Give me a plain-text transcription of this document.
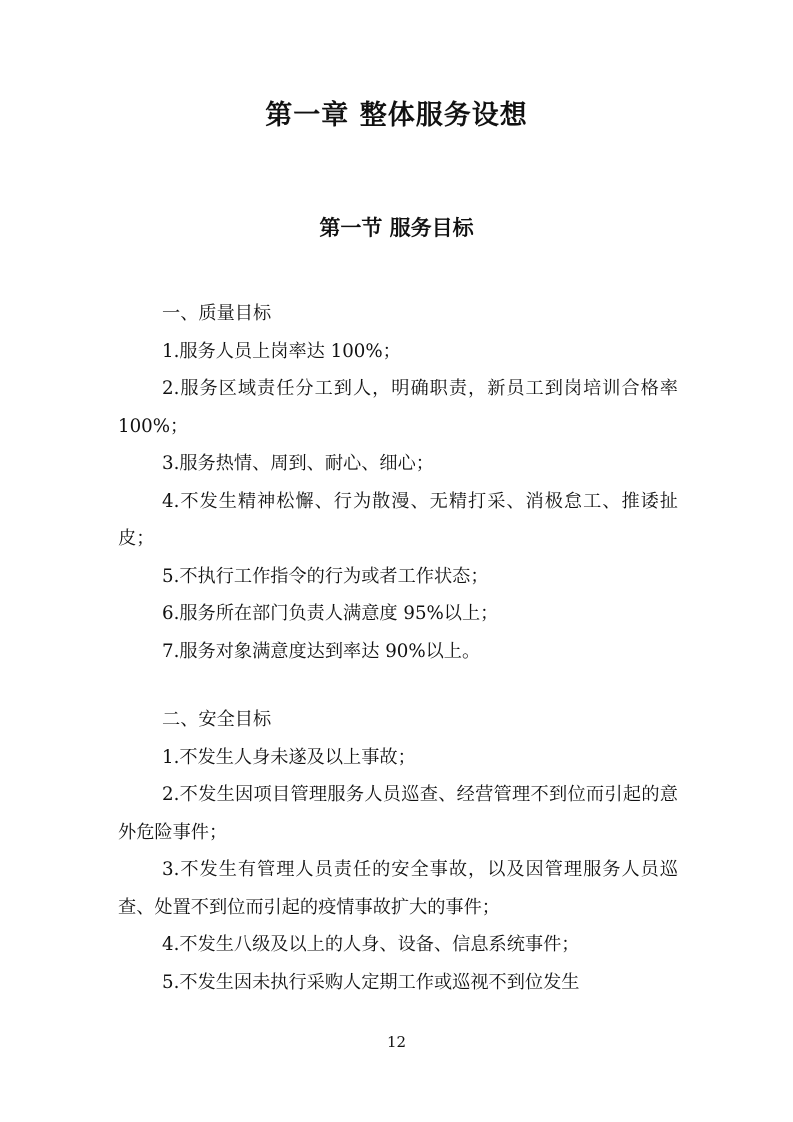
第一章 整体服务设想
第一节 服务目标

一、质量目标

1.服务人员上岗率达 100%；

2.服务区域责任分工到人，明确职责，新员工到岗培训合格率 100%；

3.服务热情、周到、耐心、细心；

4.不发生精神松懈、行为散漫、无精打采、消极怠工、推诿扯皮；

5.不执行工作指令的行为或者工作状态；

6.服务所在部门负责人满意度 95%以上；

7.服务对象满意度达到率达 90%以上。

二、安全目标

1.不发生人身未遂及以上事故；

2.不发生因项目管理服务人员巡查、经营管理不到位而引起的意外危险事件；

3.不发生有管理人员责任的安全事故，以及因管理服务人员巡查、处置不到位而引起的疫情事故扩大的事件；

4.不发生八级及以上的人身、设备、信息系统事件；

5.不发生因未执行采购人定期工作或巡视不到位发生

12
